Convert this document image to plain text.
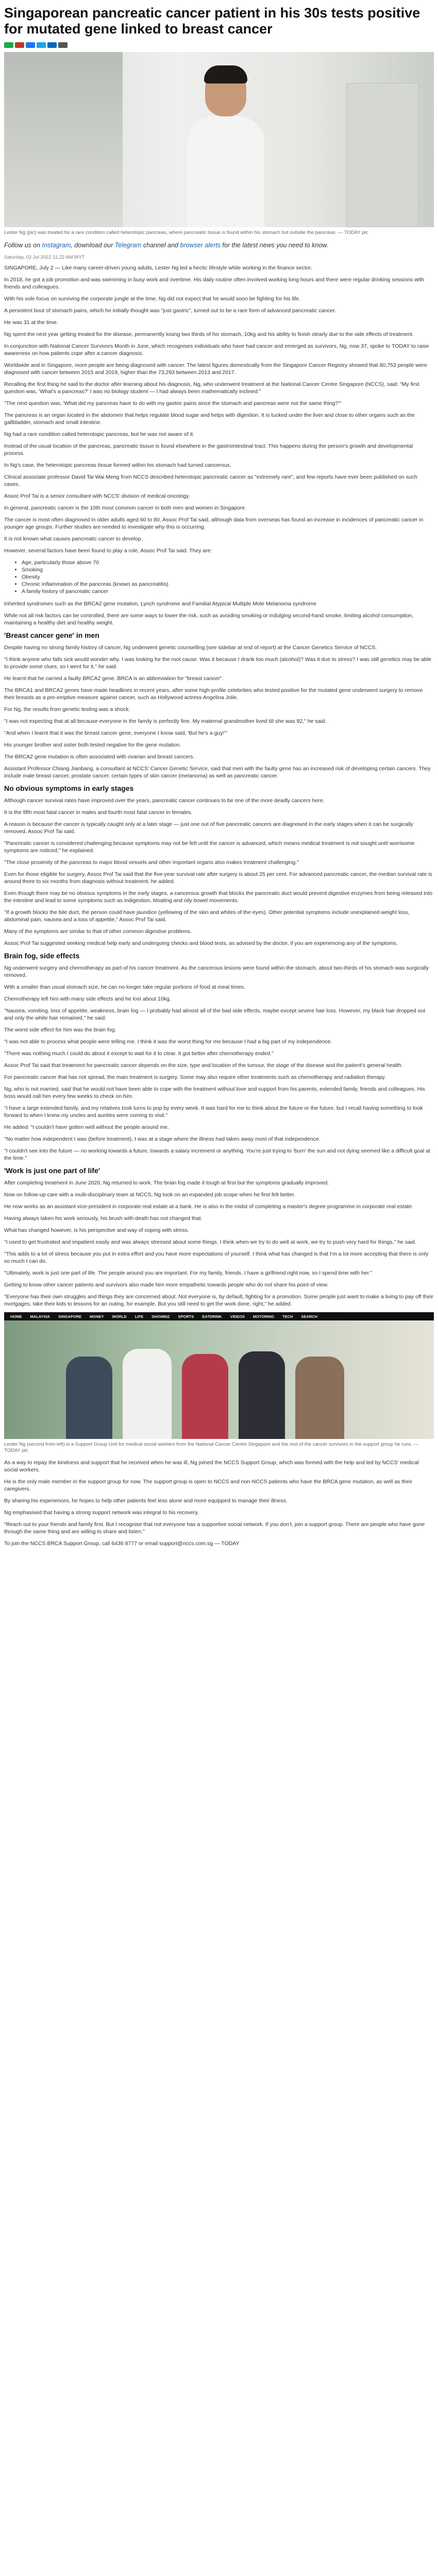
Singaporean pancreatic cancer patient in his 30s tests positive for mutated gene linked to breast cancer
Lester Ng (pic) was treated for a rare condition called heterotopic pancreas, where pancreatic tissue is found within his stomach but outside the pancreas. — TODAY pic
Follow us on Instagram, download our Telegram channel and browser alerts for the latest news you need to know.
Saturday, 02 Jul 2022 11:22 AM MYT

SINGAPORE, July 2 — Like many career-driven young adults, Lester Ng led a hectic lifestyle while working in the finance sector.

In 2018, he got a job promotion and was swimming in busy work and overtime. His daily routine often involved working long hours and there were regular drinking sessions with friends and colleagues.

With his sole focus on surviving the corporate jungle at the time, Ng did not expect that he would soon be fighting for his life.

A persistent bout of stomach pains, which he initially thought was "just gastric", turned out to be a rare form of advanced pancreatic cancer.

He was 31 at the time.

Ng spent the next year getting treated for the disease, permanently losing two thirds of his stomach, 10kg and his ability to finish clearly due to the side effects of treatment.

In conjunction with National Cancer Survivors Month in June, which recognises individuals who have had cancer and emerged as survivors, Ng, now 37, spoke to TODAY to raise awareness on how patients cope after a cancer diagnosis.

Worldwide and in Singapore, more people are being diagnosed with cancer. The latest figures domestically from the Singapore Cancer Registry showed that 80,753 people were diagnosed with cancer between 2015 and 2019, higher than the 73,293 between 2013 and 2017.

Recalling the first thing he said to the doctor after learning about his diagnosis, Ng, who underwent treatment at the National Cancer Centre Singapore (NCCS), said: "My first question was, 'What's a pancreas?' I was no biology student — I had always been mathematically inclined."

"The next question was, 'What did my pancreas have to do with my gastric pains since the stomach and pancreas were not the same thing?'"

The pancreas is an organ located in the abdomen that helps regulate blood sugar and helps with digestion. It is tucked under the liver and close to other organs such as the gallbladder, stomach and small intestine.

Ng had a rare condition called heterotopic pancreas, but he was not aware of it.

Instead of the usual location of the pancreas, pancreatic tissue is found elsewhere in the gastrointestinal tract. This happens during the person's growth and developmental process.

In Ng's case, the heterotopic pancreas tissue formed within his stomach had turned cancerous.

Clinical associate professor David Tai Wai Meng from NCCS described heterotopic pancreatic cancer as "extremely rare", and few reports have ever been published on such cases.

Assoc Prof Tai is a senior consultant with NCCS' division of medical oncology.

In general, pancreatic cancer is the 10th most common cancer in both men and women in Singapore.

The cancer is most often diagnosed in older adults aged 60 to 80, Assoc Prof Tai said, although data from overseas has found an increase in incidences of pancreatic cancer in younger age groups. Further studies are needed to investigate why this is occurring.

It is not known what causes pancreatic cancer to develop.

However, several factors have been found to play a role, Assoc Prof Tai said. They are:

• Age, particularly those above 70
• Smoking
• Obesity
• Chronic inflammation of the pancreas (known as pancreatitis)
• A family history of pancreatic cancer

Inherited syndromes such as the BRCA2 gene mutation, Lynch syndrome and Familial Atypical Multiple Mole Melanoma syndrome

While not all risk factors can be controlled, there are some ways to lower the risk, such as avoiding smoking or indulging second-hand smoke, limiting alcohol consumption, maintaining a healthy diet and healthy weight.

'Breast cancer gene' in men

Despite having no strong family history of cancer, Ng underwent genetic counselling (see sidebar at end of report) at the Cancer Genetics Service of NCCS.

"I think anyone who falls sick would wonder why. I was looking for the root cause. Was it because I drank too much (alcohol)? Was it due to stress? I was still genetics may be able to provide some clues, so I went for it," he said.

He learnt that he carried a faulty BRCA2 gene. BRCA is an abbreviation for "breast cancer".

The BRCA1 and BRCA2 genes have made headlines in recent years, after some high-profile celebrities who tested positive for the mutated gene underwent surgery to remove their breasts as a pre-emptive measure against cancer, such as Hollywood actress Angelina Jolie.

For Ng, the results from genetic testing was a shock.

"I was not expecting that at all because everyone in the family is perfectly fine. My maternal grandmother lived till she was 92," he said.

"And when I learnt that it was the breast cancer gene, everyone I know said, 'But he's a guy!'"

His younger brother and sister both tested negative for the gene mutation.

The BRCA2 gene mutation is often associated with ovarian and breast cancers.

Assistant Professor Chiang Jianbang, a consultant at NCCS' Cancer Genetic Service, said that men with the faulty gene has an increased risk of developing certain cancers. They include male breast cancer, prostate cancer, certain types of skin cancer (melanoma) as well as pancreatic cancer.

No obvious symptoms in early stages

Although cancer survival rates have improved over the years, pancreatic cancer continues to be one of the more deadly cancers here.

It is the fifth most fatal cancer in males and fourth most fatal cancer in females.

A reason is because the cancer is typically caught only at a later stage — just one out of five pancreatic cancers are diagnosed in the early stages when it can be surgically removed, Assoc Prof Tai said.

"Pancreatic cancer is considered challenging because symptoms may not be felt until the cancer is advanced, which means medical treatment is not sought until worrisome symptoms are noticed," he explained.

"The close proximity of the pancreas to major blood vessels and other important organs also makes treatment challenging."

Even for those eligible for surgery, Assoc Prof Tai said that the five-year survival rate after surgery is about 25 per cent. For advanced pancreatic cancer, the median survival rate is around three to six months from diagnosis without treatment, he added.

Even though there may be no obvious symptoms in the early stages, a cancerous growth that blocks the pancreatic duct would prevent digestive enzymes from being released into the intestine and lead to some symptoms such as indigestion, bloating and oily bowel movements.

"If a growth blocks the bile duct, the person could have jaundice (yellowing of the skin and whites of the eyes). Other potential symptoms include unexplained weight loss, abdominal pain, nausea and a loss of appetite," Assoc Prof Tai said.

Many of the symptoms are similar to that of other common digestive problems.

Assoc Prof Tai suggested seeking medical help early and undergoing checks and blood tests, as advised by the doctor, if you are experiencing any of the symptoms.

Brain fog, side effects

Ng underwent surgery and chemotherapy as part of his cancer treatment. As the cancerous lesions were found within the stomach, about two-thirds of his stomach was surgically removed.

With a smaller than usual stomach size, he can no longer take regular portions of food at meal times.

Chemotherapy left him with many side effects and he lost about 10kg.

"Nausea, vomiting, loss of appetite, weakness, brain fog — I probably had almost all of the bad side effects, maybe except severe hair loss. However, my black hair dropped out and only the white hair remained," he said.

The worst side effect for him was the brain fog.

"I was not able to process what people were telling me. I think it was the worst thing for me because I had a big part of my independence.

"There was nothing much I could do about it except to wait for it to clear. It got better after chemotherapy ended."

Assoc Prof Tai said that treatment for pancreatic cancer depends on the size, type and location of the tumour, the stage of the disease and the patient's general health.

For pancreatic cancer that has not spread, the main treatment is surgery. Some may also require other treatments such as chemotherapy and radiation therapy.

Ng, who is not married, said that he would not have been able to cope with the treatment without love and support from his parents, extended family, friends and colleagues. His boss would call him every few weeks to check on him.

"I have a large extended family, and my relatives took turns to pop by every week. It was hard for me to think about the future or the future, but I recall having something to look forward to when I knew my uncles and aunties were coming to visit."

He added: "I couldn't have gotten well without the people around me.

"No matter how independent I was (before treatment), I was at a stage where the illness had taken away most of that independence.

"I couldn't see into the future — no working towards a future, towards a salary increment or anything. You're just trying to 'burn' the sun and not dying seemed like a difficult goal at the time."

'Work is just one part of life'

After completing treatment in June 2020, Ng returned to work. The brain fog made it tough at first but the symptoms gradually improved.

Now on follow-up care with a multi-disciplinary team at NCCS, Ng took on an expanded job scope when he first felt better.

He now works as an assistant vice-president in corporate real estate at a bank. He is also in the midst of completing a master's degree programme in corporate real estate.

Having always taken his work seriously, his brush with death has not changed that.

What has changed however, is his perspective and way of coping with stress.

"I used to get frustrated and impatient easily and was always stressed about some things. I think when we try to do well at work, we try to push very hard for things," he said.

"This adds to a lot of stress because you put in extra effort and you have more expectations of yourself. I think what has changed is that I'm a lot more accepting that there is only so much I can do.

"Ultimately, work is just one part of life. The people around you are important. For my family, friends. I have a girlfriend right now, so I spend time with her."

Getting to know other cancer patients and survivors also made him more empathetic towards people who do not share his point of view.

"Everyone has their own struggles and things they are concerned about. Not everyone is, by default, fighting for a promotion. Some people just want to make a living to pay off their mortgages, take their kids to lessons for an outing, for example. But you still need to get the work done, right," he added.

HOME MALAYSIA SINGAPORE MONEY WORLD LIFE SHOWBIZ SPORTS EATDRINK VIDEOS MOTORING TECH SEARCH
Lester Ng (second from left) is a Support Group Unit for medical social workers from the National Cancer Centre Singapore and the rest of the cancer survivors in the support group he runs. — TODAY pic

As a way to repay the kindness and support that he received when he was ill, Ng joined the NCCS Support Group, which was formed with the help and led by NCCS' medical social workers.

He is the only male member in the support group for now. The support group is open to NCCS and non-NCCS patients who have the BRCA gene mutation, as well as their caregivers.

By sharing his experiences, he hopes to help other patients feel less alone and more equipped to manage their illness.

Ng emphasised that having a strong support network was integral to his recovery.

"Reach out to your friends and family first. But I recognise that not everyone has a supportive social network. If you don't, join a support group. There are people who have gone through the same thing and are willing to share and listen."

To join the NCCS BRCA Support Group, call 6436 8777 or email support@nccs.com.sg — TODAY
